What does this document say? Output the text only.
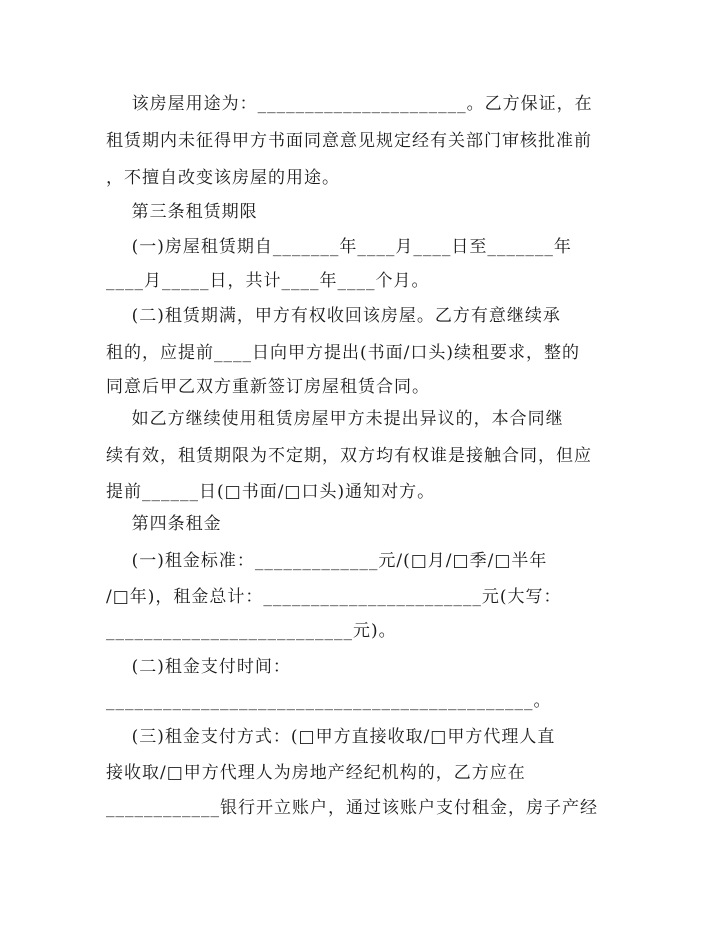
该房屋用途为：______________________。乙方保证，在
租赁期内未征得甲方书面同意意见规定经有关部门审核批准前
，不擅自改变该房屋的用途。
第三条租赁期限
(一)房屋租赁期自_______年____月____日至_______年
____月_____日，共计____年____个月。
(二)租赁期满，甲方有权收回该房屋。乙方有意继续承
租的，应提前____日向甲方提出(书面/口头)续租要求，整的
同意后甲乙双方重新签订房屋租赁合同。
如乙方继续使用租赁房屋甲方未提出异议的，本合同继
续有效，租赁期限为不定期，双方均有权谁是接触合同，但应
提前______日(□书面/□口头)通知对方。
第四条租金
(一)租金标准：_____________元/(□月/□季/□半年
/□年)，租金总计：_______________________元(大写：
__________________________元)。
(二)租金支付时间：
_____________________________________________。
(三)租金支付方式：(□甲方直接收取/□甲方代理人直
接收取/□甲方代理人为房地产经纪机构的，乙方应在
____________银行开立账户，通过该账户支付租金，房子产经
